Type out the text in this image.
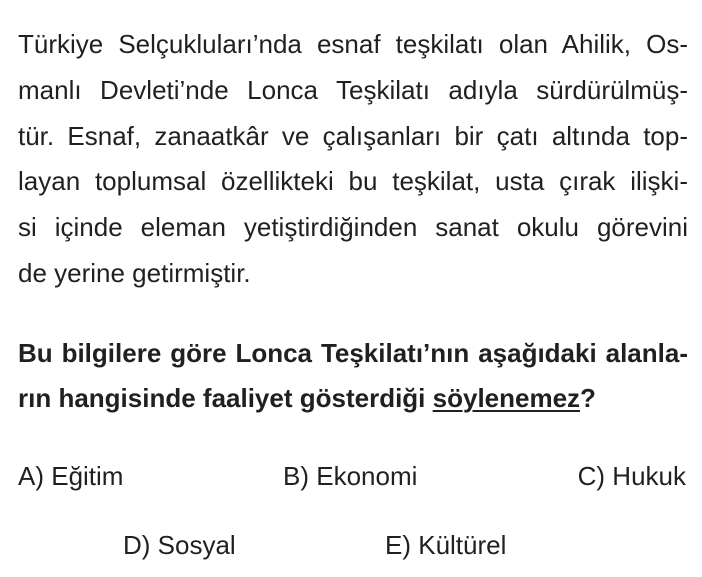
Türkiye Selçukluları’nda esnaf teşkilatı olan Ahilik, Os-
manlı Devleti’nde Lonca Teşkilatı adıyla sürdürülmüş-
tür. Esnaf, zanaatkâr ve çalışanları bir çatı altında top-
layan toplumsal özellikteki bu teşkilat, usta çırak ilişki-
si içinde eleman yetiştirdiğinden sanat okulu görevini
de yerine getirmiştir.
Bu bilgilere göre Lonca Teşkilatı’nın aşağıdaki alanla-
rın hangisinde faaliyet gösterdiği söylenemez?
A) Eğitim	B) Ekonomi	C) Hukuk
D) Sosyal	E) Kültürel
